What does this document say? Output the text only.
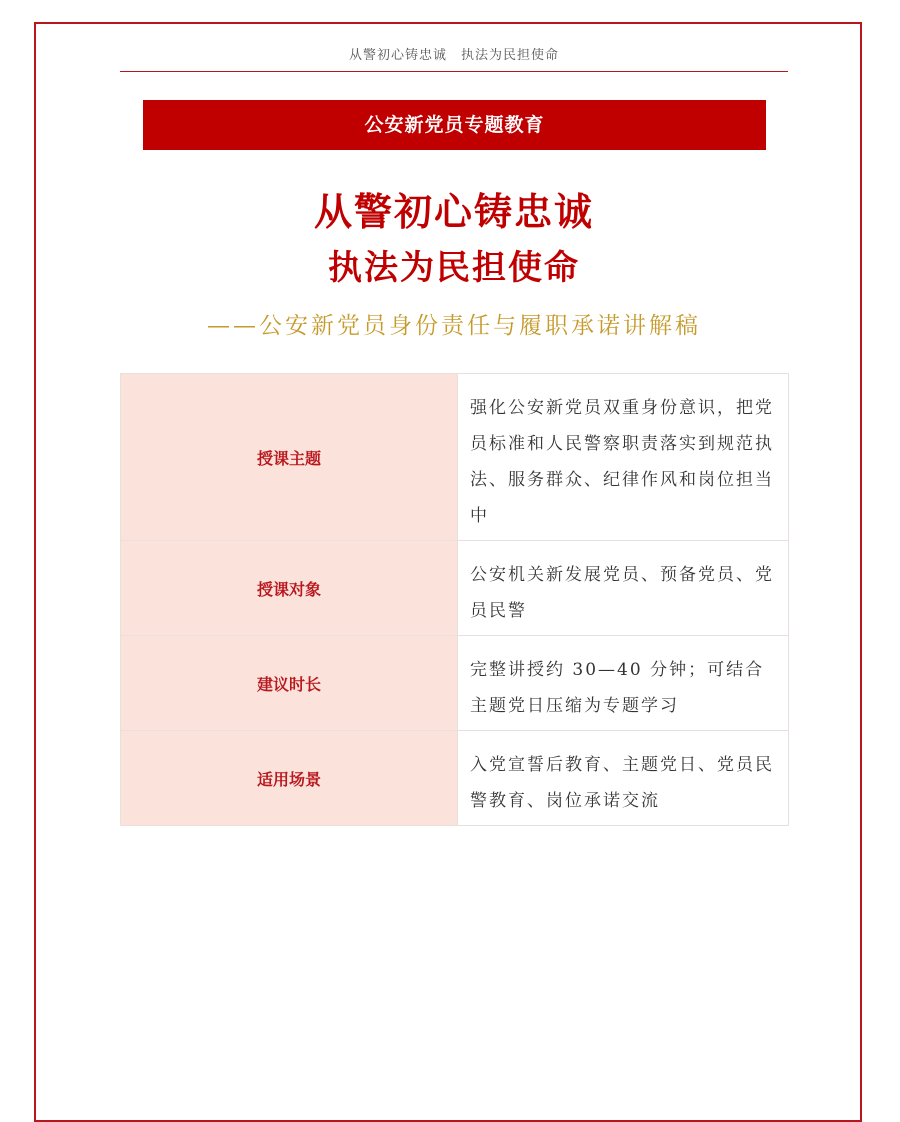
从警初心铸忠诚　执法为民担使命
公安新党员专题教育
从警初心铸忠诚
执法为民担使命
——公安新党员身份责任与履职承诺讲解稿
授课主题	强化公安新党员双重身份意识，把党员标准和人民警察职责落实到规范执法、服务群众、纪律作风和岗位担当中
授课对象	公安机关新发展党员、预备党员、党员民警
建议时长	完整讲授约 30—40 分钟；可结合主题党日压缩为专题学习
适用场景	入党宣誓后教育、主题党日、党员民警教育、岗位承诺交流
